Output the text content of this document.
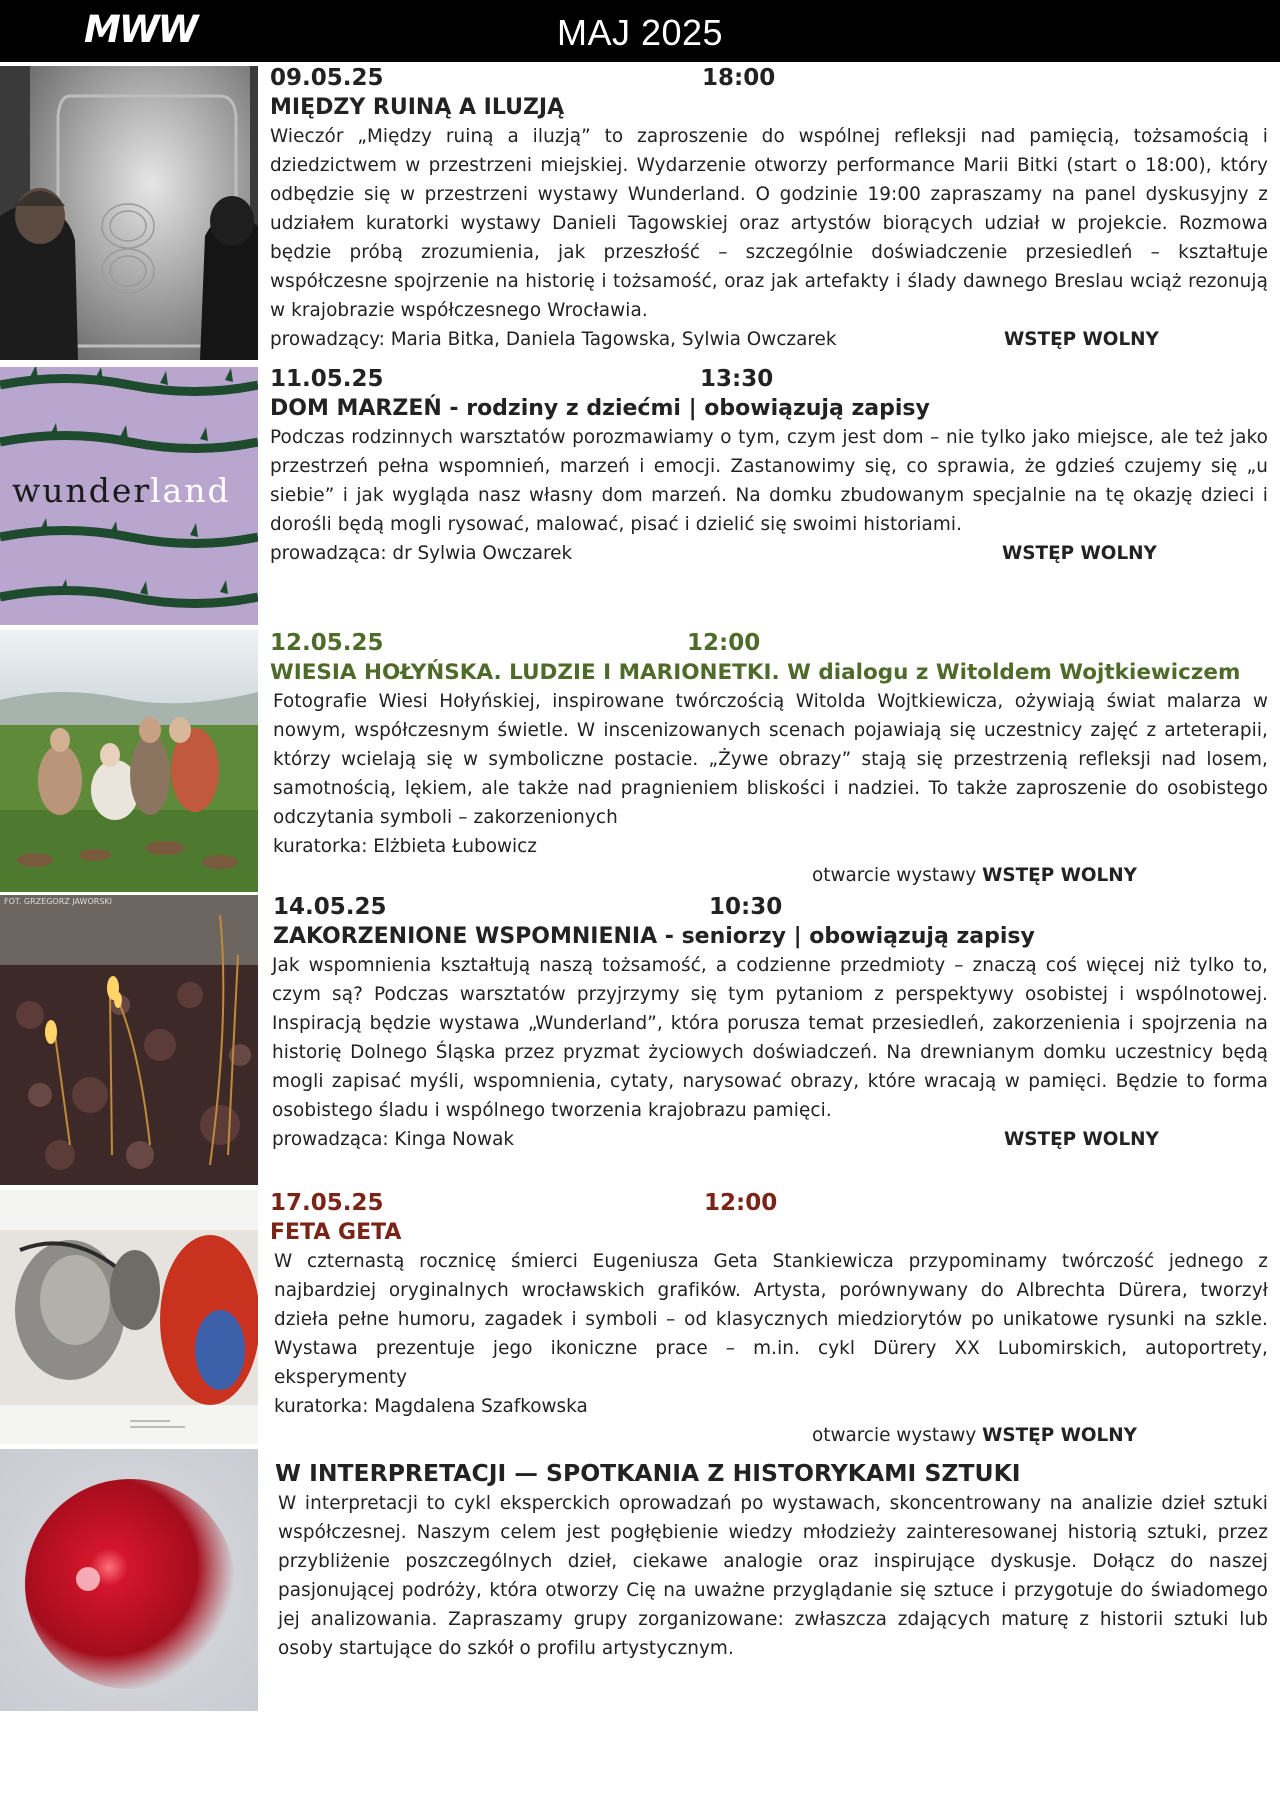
MWW	MAJ 2025
09.05.25	18:00
MIĘDZY RUINĄ A ILUZJĄ

Wieczór „Między ruiną a iluzją” to zaproszenie do wspólnej refleksji nad pamięcią, tożsamością i dziedzictwem w przestrzeni miejskiej. Wydarzenie otworzy performance Marii Bitki (start o 18:00), który odbędzie się w przestrzeni wystawy Wunderland. O godzinie 19:00 zapraszamy na panel dyskusyjny z udziałem kuratorki wystawy Danieli Tagowskiej oraz artystów biorących udział w projekcie. Rozmowa będzie próbą zrozumienia, jak przeszłość – szczególnie doświadczenie przesiedleń – kształtuje współczesne spojrzenie na historię i tożsamość, oraz jak artefakty i ślady dawnego Breslau wciąż rezonują w krajobrazie współczesnego Wrocławia.

prowadzący: Maria Bitka, Daniela Tagowska, Sylwia Owczarek	WSTĘP WOLNY
wunder
land
11.05.25	13:30
DOM MARZEŃ - rodziny z dziećmi | obowiązują zapisy

Podczas rodzinnych warsztatów porozmawiamy o tym, czym jest dom – nie tylko jako miejsce, ale też jako przestrzeń pełna wspomnień, marzeń i emocji. Zastanowimy się, co sprawia, że gdzieś czujemy się „u siebie” i jak wygląda nasz własny dom marzeń. Na domku zbudowanym specjalnie na tę okazję dzieci i dorośli będą mogli rysować, malować, pisać i dzielić się swoimi historiami.

prowadząca: dr Sylwia Owczarek	WSTĘP WOLNY
12.05.25	12:00
WIESIA HOŁYŃSKA. LUDZIE I MARIONETKI. W dialogu z Witoldem Wojtkiewiczem

Fotografie Wiesi Hołyńskiej, inspirowane twórczością Witolda Wojtkiewicza, ożywiają świat malarza w nowym, współczesnym świetle. W inscenizowanych scenach pojawiają się uczestnicy zajęć z arteterapii, którzy wcielają się w symboliczne postacie. „Żywe obrazy” stają się przestrzenią refleksji nad losem, samotnością, lękiem, ale także nad pragnieniem bliskości i nadziei. To także zaproszenie do osobistego odczytania symboli – zakorzenionych

kuratorka: Elżbieta Łubowicz
otwarcie wystawy WSTĘP WOLNY
FOT. GRZEGORZ JAWORSKI	14.05.25	10:30
ZAKORZENIONE WSPOMNIENIA - seniorzy | obowiązują zapisy

Jak wspomnienia kształtują naszą tożsamość, a codzienne przedmioty – znaczą coś więcej niż tylko to, czym są? Podczas warsztatów przyjrzymy się tym pytaniom z perspektywy osobistej i wspólnotowej. Inspiracją będzie wystawa „Wunderland”, która porusza temat przesiedleń, zakorzenienia i spojrzenia na historię Dolnego Śląska przez pryzmat życiowych doświadczeń. Na drewnianym domku uczestnicy będą mogli zapisać myśli, wspomnienia, cytaty, narysować obrazy, które wracają w pamięci. Będzie to forma osobistego śladu i wspólnego tworzenia krajobrazu pamięci.

prowadząca: Kinga Nowak	WSTĘP WOLNY
17.05.25	12:00
FETA GETA

W czternastą rocznicę śmierci Eugeniusza Geta Stankiewicza przypominamy twórczość jednego z najbardziej oryginalnych wrocławskich grafików. Artysta, porównywany do Albrechta Dürera, tworzył dzieła pełne humoru, zagadek i symboli – od klasycznych miedziorytów po unikatowe rysunki na szkle. Wystawa prezentuje jego ikoniczne prace – m.in. cykl Dürery XX Lubomirskich, autoportrety, eksperymenty

kuratorka: Magdalena Szafkowska
otwarcie wystawy WSTĘP WOLNY
W INTERPRETACJI — SPOTKANIA Z HISTORYKAMI SZTUKI

W interpretacji to cykl eksperckich oprowadzań po wystawach, skoncentrowany na analizie dzieł sztuki współczesnej. Naszym celem jest pogłębienie wiedzy młodzieży zainteresowanej historią sztuki, przez przybliżenie poszczególnych dzieł, ciekawe analogie oraz inspirujące dyskusje. Dołącz do naszej pasjonującej podróży, która otworzy Cię na uważne przyglądanie się sztuce i przygotuje do świadomego jej analizowania. Zapraszamy grupy zorganizowane: zwłaszcza zdających maturę z historii sztuki lub osoby startujące do szkół o profilu artystycznym.
